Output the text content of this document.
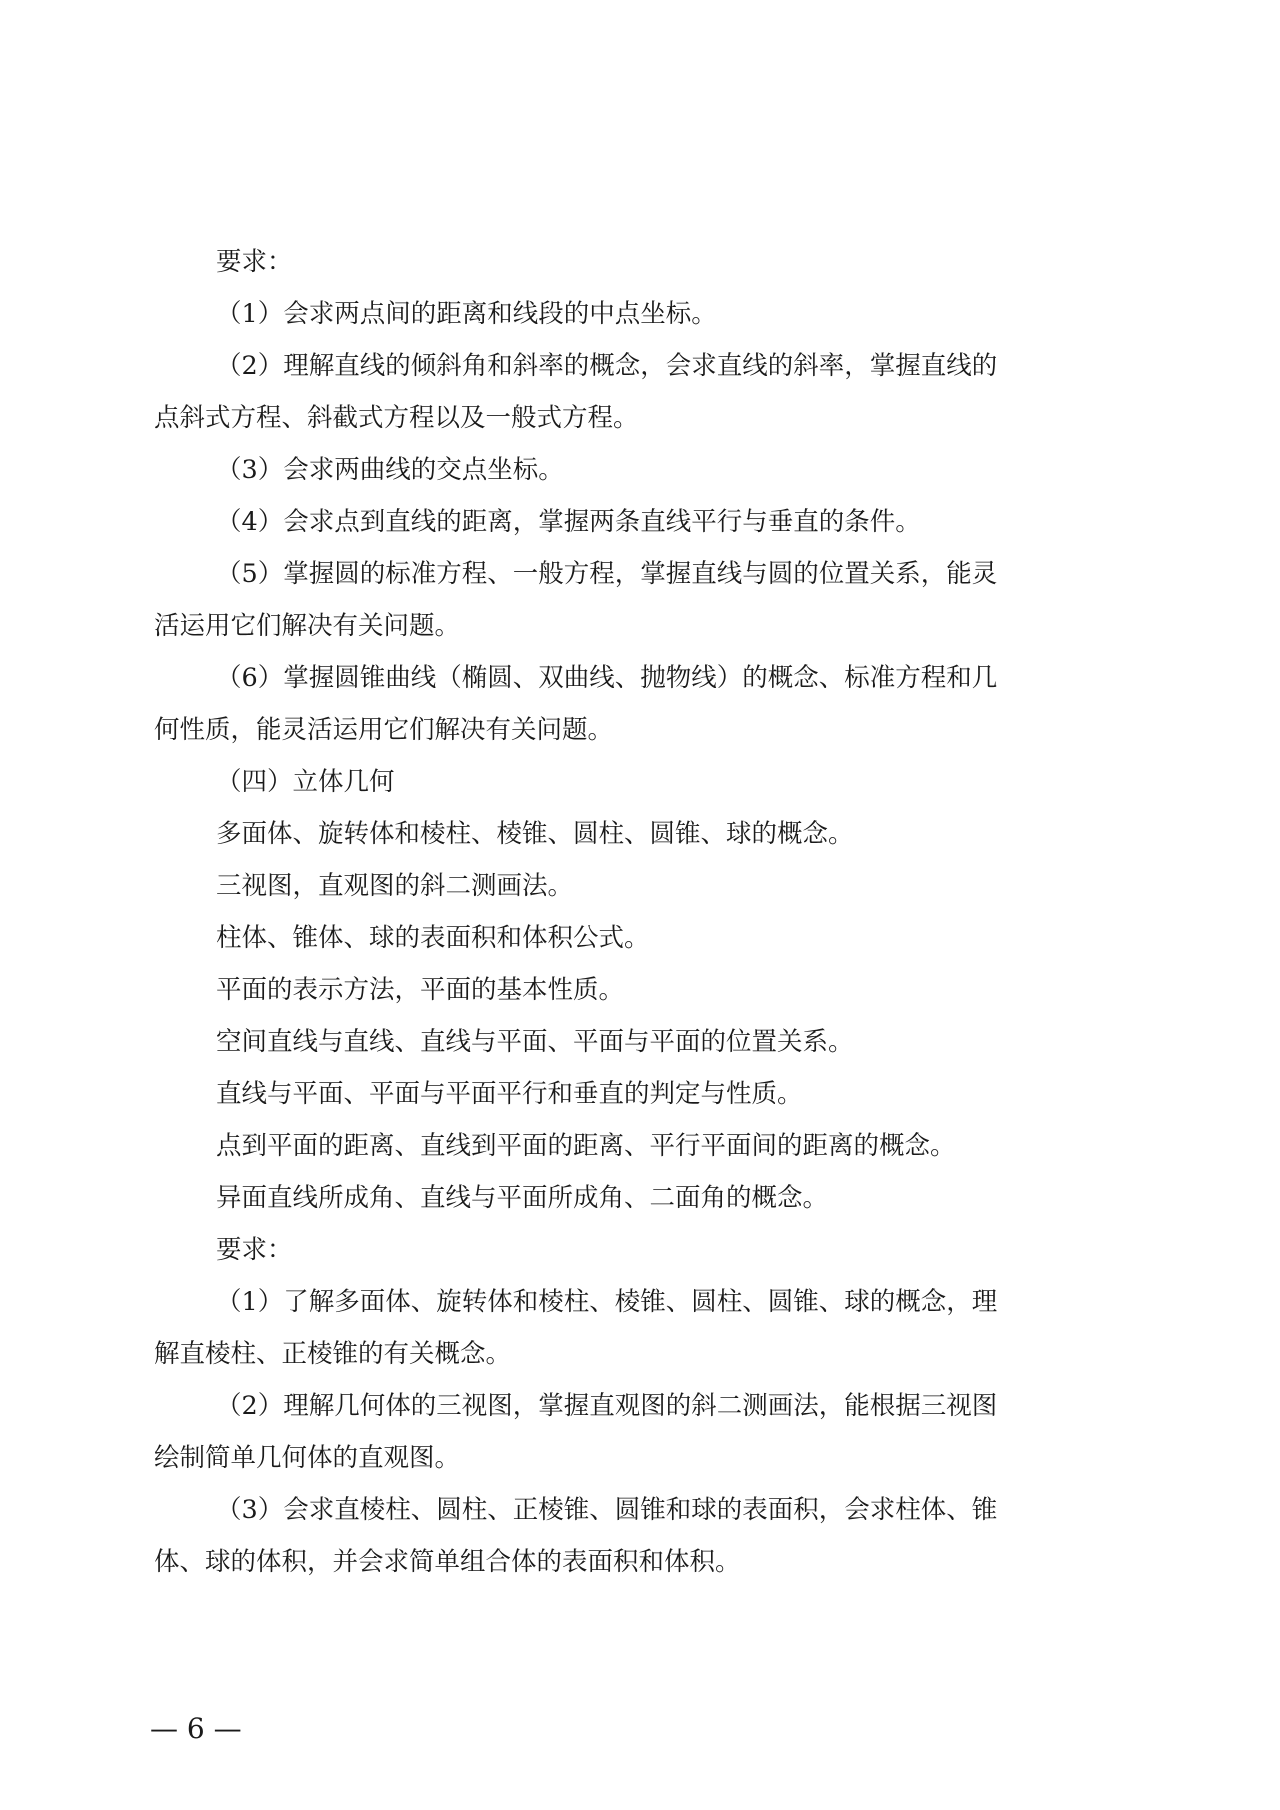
要求：
（1）会求两点间的距离和线段的中点坐标。
（2）理解直线的倾斜角和斜率的概念，会求直线的斜率，掌握直线的
点斜式方程、斜截式方程以及一般式方程。
（3）会求两曲线的交点坐标。
（4）会求点到直线的距离，掌握两条直线平行与垂直的条件。
（5）掌握圆的标准方程、一般方程，掌握直线与圆的位置关系，能灵
活运用它们解决有关问题。
（6）掌握圆锥曲线（椭圆、双曲线、抛物线）的概念、标准方程和几
何性质，能灵活运用它们解决有关问题。
（四）立体几何
多面体、旋转体和棱柱、棱锥、圆柱、圆锥、球的概念。
三视图，直观图的斜二测画法。
柱体、锥体、球的表面积和体积公式。
平面的表示方法，平面的基本性质。
空间直线与直线、直线与平面、平面与平面的位置关系。
直线与平面、平面与平面平行和垂直的判定与性质。
点到平面的距离、直线到平面的距离、平行平面间的距离的概念。
异面直线所成角、直线与平面所成角、二面角的概念。
要求：
（1）了解多面体、旋转体和棱柱、棱锥、圆柱、圆锥、球的概念，理
解直棱柱、正棱锥的有关概念。
（2）理解几何体的三视图，掌握直观图的斜二测画法，能根据三视图
绘制简单几何体的直观图。
（3）会求直棱柱、圆柱、正棱锥、圆锥和球的表面积，会求柱体、锥
体、球的体积，并会求简单组合体的表面积和体积。
— 6 —
